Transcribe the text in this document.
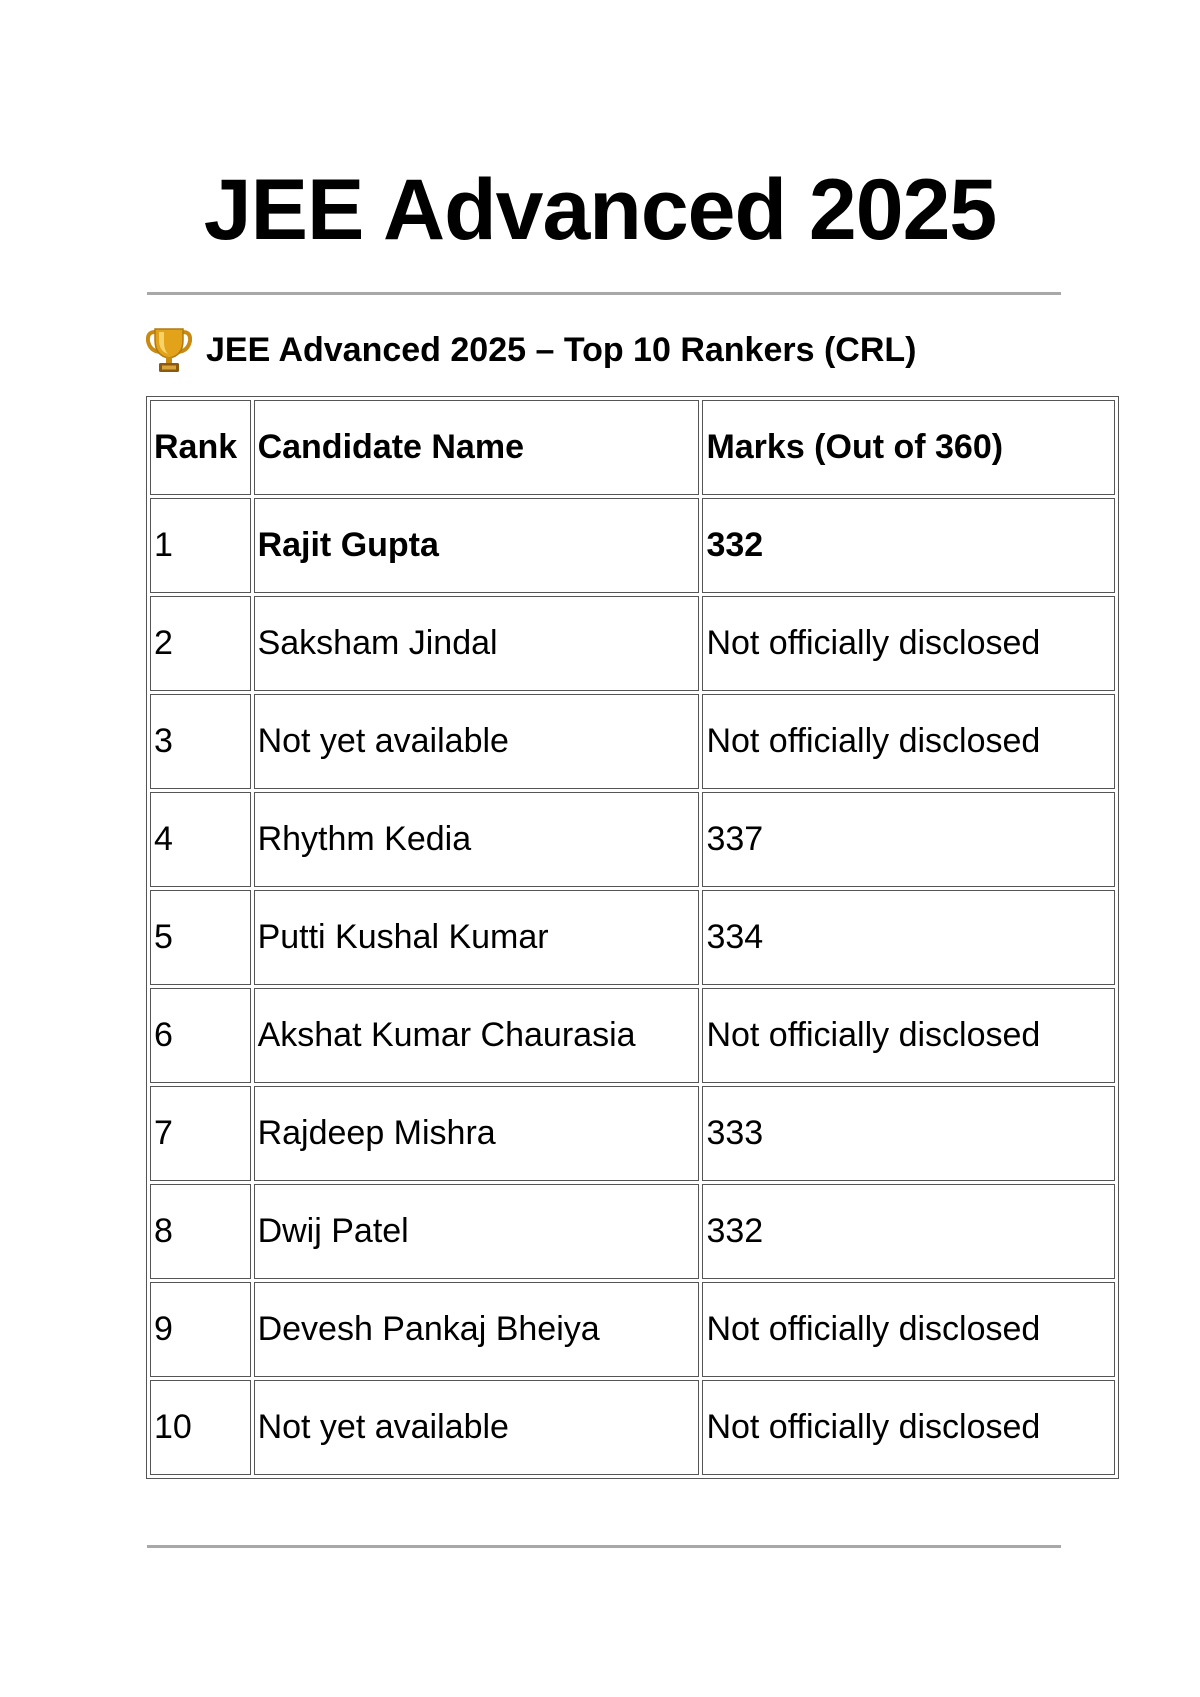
JEE Advanced 2025
JEE Advanced 2025 – Top 10 Rankers (CRL)
Rank	Candidate Name	Marks (Out of 360)
1	Rajit Gupta	332
2	Saksham Jindal	Not officially disclosed
3	Not yet available	Not officially disclosed
4	Rhythm Kedia	337
5	Putti Kushal Kumar	334
6	Akshat Kumar Chaurasia	Not officially disclosed
7	Rajdeep Mishra	333
8	Dwij Patel	332
9	Devesh Pankaj Bheiya	Not officially disclosed
10	Not yet available	Not officially disclosed
